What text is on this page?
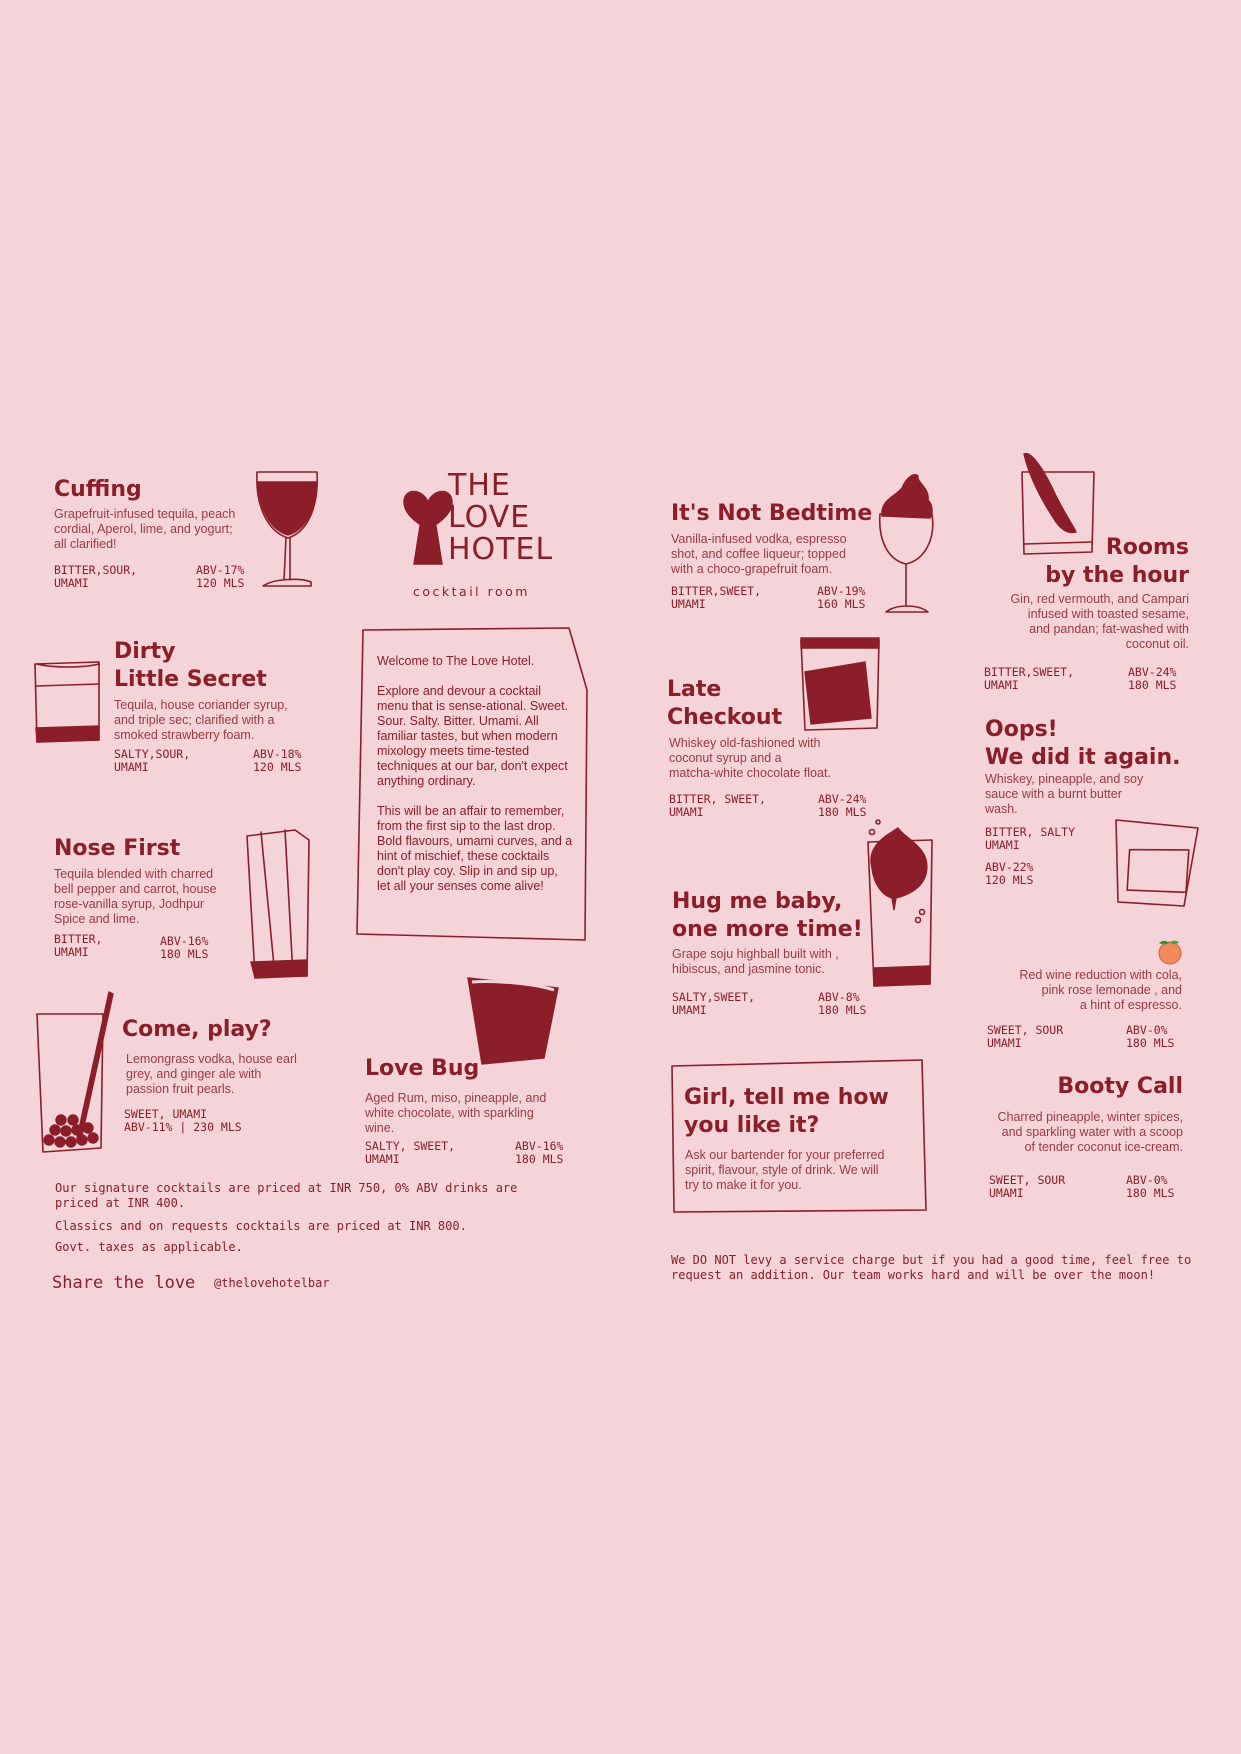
Cuffing
Grapefruit-infused tequila, peach
cordial, Aperol, lime, and yogurt;
all clarified!
BITTER,SOUR,
UMAMI
ABV-17%
120 MLS
Dirty
Little Secret
Tequila, house coriander syrup,
and triple sec; clarified with a
smoked strawberry foam.
SALTY,SOUR,
UMAMI
ABV-18%
120 MLS
Nose First
Tequila blended with charred
bell pepper and carrot, house
rose-vanilla syrup, Jodhpur
Spice and lime.
BITTER,
UMAMI
ABV-16%
180 MLS
Come, play?
Lemongrass vodka, house earl
grey, and ginger ale with
passion fruit pearls.
SWEET, UMAMI
ABV-11% | 230 MLS
Love Bug
Aged Rum, miso, pineapple, and
white chocolate, with sparkling
wine.
SALTY, SWEET,
UMAMI
ABV-16%
180 MLS
THE LOVE HOTEL
cocktail room
Welcome to The Love Hotel.
Explore and devour a cocktail menu that is sense-ational. Sweet. Sour. Salty. Bitter. Umami. All familiar tastes, but when modern mixology meets time-tested techniques at our bar, don't expect anything ordinary.
This will be an affair to remember, from the first sip to the last drop. Bold flavours, umami curves, and a hint of mischief, these cocktails don't play coy. Slip in and sip up, let all your senses come alive!
Our signature cocktails are priced at INR 750, 0% ABV drinks are priced at INR 400.
Classics and on requests cocktails are priced at INR 800.
Govt. taxes as applicable.
Share the love @thelovehotelbar
It's Not Bedtime
Vanilla-infused vodka, espresso
shot, and coffee liqueur; topped
with a choco-grapefruit foam.
BITTER,SWEET,
UMAMI
ABV-19%
160 MLS
Late
Checkout
Whiskey old-fashioned with
coconut syrup and a
matcha-white chocolate float.
BITTER, SWEET,
UMAMI
ABV-24%
180 MLS
Hug me baby,
one more time!
Grape soju highball built with ,
hibiscus, and jasmine tonic.
SALTY,SWEET,
UMAMI
ABV-8%
180 MLS
Girl, tell me how
you like it?
Ask our bartender for your preferred
spirit, flavour, style of drink. We will
try to make it for you.
Rooms
by the hour
Gin, red vermouth, and Campari
infused with toasted sesame,
and pandan; fat-washed with
coconut oil.
BITTER,SWEET,
UMAMI
ABV-24%
180 MLS
Oops!
We did it again.
Whiskey, pineapple, and soy
sauce with a burnt butter
wash.
BITTER, SALTY
UMAMI
ABV-22%
120 MLS
Red wine reduction with cola,
pink rose lemonade , and
a hint of espresso.
SWEET, SOUR
UMAMI
ABV-0%
180 MLS
Booty Call
Charred pineapple, winter spices,
and sparkling water with a scoop
of tender coconut ice-cream.
SWEET, SOUR
UMAMI
ABV-0%
180 MLS
We DO NOT levy a service charge but if you had a good time, feel free to request an addition. Our team works hard and will be over the moon!
